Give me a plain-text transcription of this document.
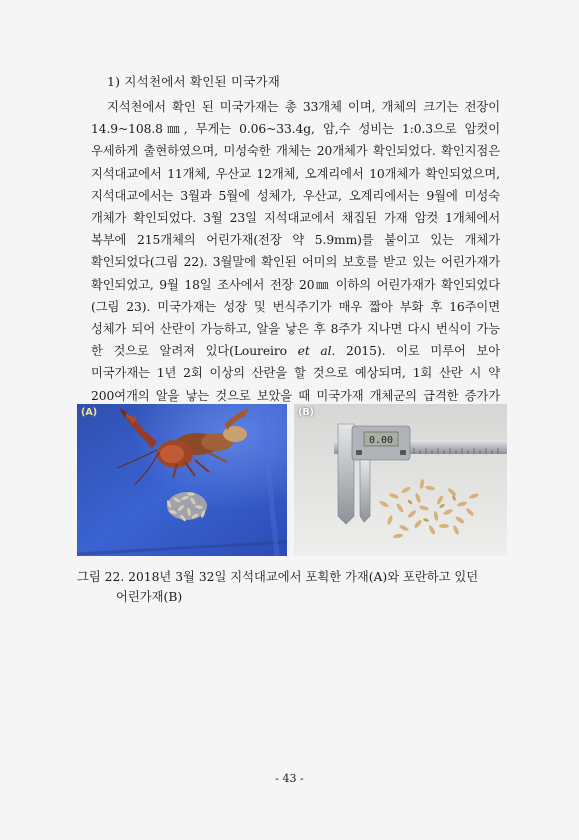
1) 지석천에서 확인된 미국가재
지석천에서 확인 된 미국가재는 총 33개체 이며, 개체의 크기는 전장이 14.9~108.8㎜, 무게는 0.06~33.4g, 암,수 성비는 1:0.3으로 암컷이 우세하게 출현하였으며, 미성숙한 개체는 20개체가 확인되었다. 확인지점은 지석대교에서 11개체, 우산교 12개체, 오계리에서 10개체가 확인되었으며, 지석대교에서는 3월과 5월에 성체가, 우산교, 오계리에서는 9월에 미성숙 개체가 확인되었다. 3월 23일 지석대교에서 채집된 가재 암컷 1개체에서 복부에 215개체의 어린가재(전장 약 5.9mm)를 붙이고 있는 개체가 확인되었다(그림 22). 3월말에 확인된 어미의 보호를 받고 있는 어린가재가 확인되었고, 9월 18일 조사에서 전장 20㎜ 이하의 어린가재가 확인되었다(그림 23). 미국가재는 성장 및 번식주기가 매우 짧아 부화 후 16주이면 성체가 되어 산란이 가능하고, 알을 낳은 후 8주가 지나면 다시 번식이 가능 한 것으로 알려져 있다(Loureiro et al. 2015). 이로 미루어 보아 미국가재는 1년 2회 이상의 산란을 할 것으로 예상되며, 1회 산란 시 약 200여개의 알을 낳는 것으로 보았을 때 미국가재 개체군의 급격한 증가가
(A)
0.00
(B)
그림 22. 2018년 3월 32일 지석대교에서 포획한 가재(A)와 포란하고 있던
어린가재(B)
- 43 -
